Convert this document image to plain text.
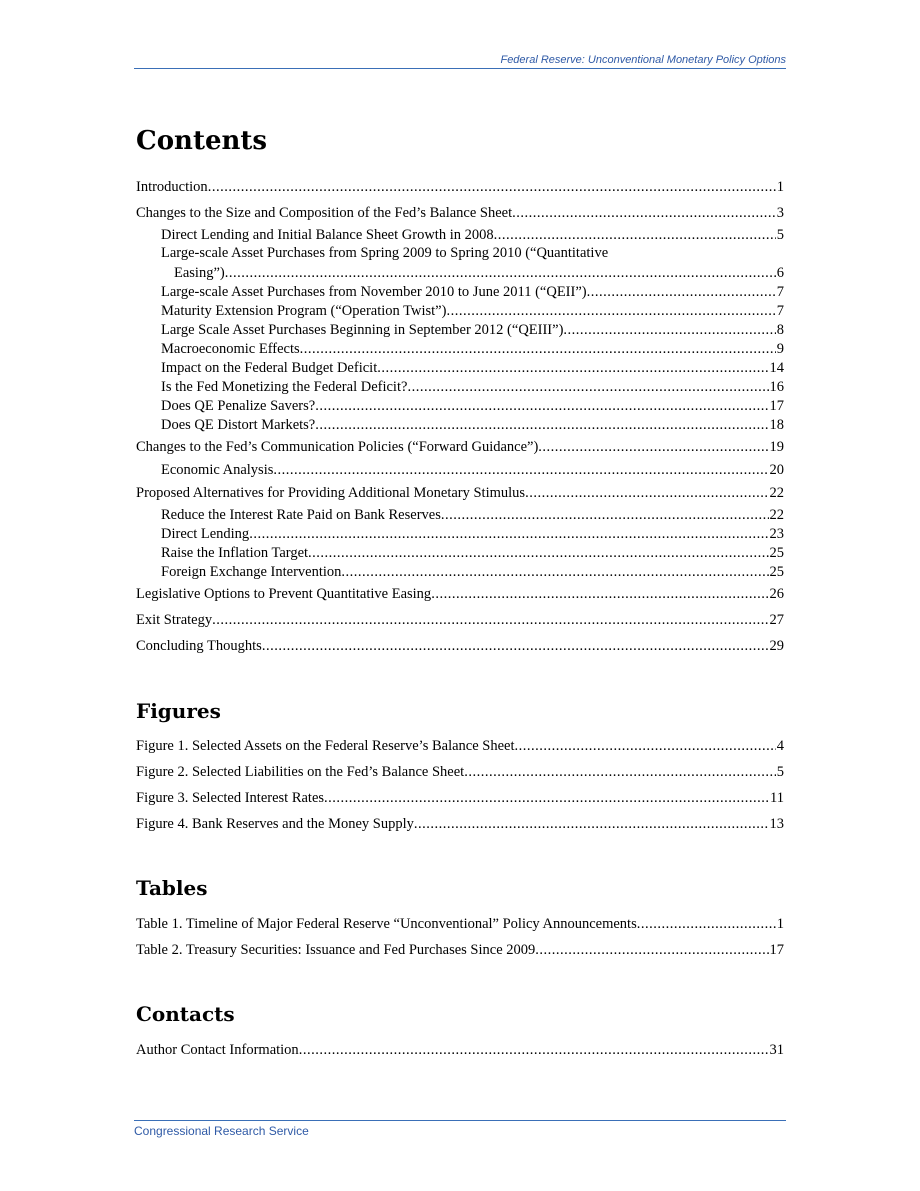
Federal Reserve: Unconventional Monetary Policy Options
Contents
Introduction .....	1
Changes to the Size and Composition of the Fed’s Balance Sheet .....	3
Direct Lending and Initial Balance Sheet Growth in 2008 .....	5
Large-scale Asset Purchases from Spring 2009 to Spring 2010 (“Quantitative
Easing”) .....	6
Large-scale Asset Purchases from November 2010 to June 2011 (“QEII”) .....	7
Maturity Extension Program (“Operation Twist”) .....	7
Large Scale Asset Purchases Beginning in September 2012 (“QEIII”) .....	8
Macroeconomic Effects .....	9
Impact on the Federal Budget Deficit .....	14
Is the Fed Monetizing the Federal Deficit? .....	16
Does QE Penalize Savers? .....	17
Does QE Distort Markets? .....	18
Changes to the Fed’s Communication Policies (“Forward Guidance”) .....	19
Economic Analysis .....	20
Proposed Alternatives for Providing Additional Monetary Stimulus .....	22
Reduce the Interest Rate Paid on Bank Reserves .....	22
Direct Lending .....	23
Raise the Inflation Target .....	25
Foreign Exchange Intervention .....	25
Legislative Options to Prevent Quantitative Easing .....	26
Exit Strategy .....	27
Concluding Thoughts .....	29
Figures
Figure 1. Selected Assets on the Federal Reserve’s Balance Sheet .....	4
Figure 2. Selected Liabilities on the Fed’s Balance Sheet .....	5
Figure 3. Selected Interest Rates .....	11
Figure 4. Bank Reserves and the Money Supply .....	13
Tables
Table 1. Timeline of Major Federal Reserve “Unconventional” Policy Announcements .....	1
Table 2. Treasury Securities: Issuance and Fed Purchases Since 2009 .....	17
Contacts
Author Contact Information .....	31
Congressional Research Service
